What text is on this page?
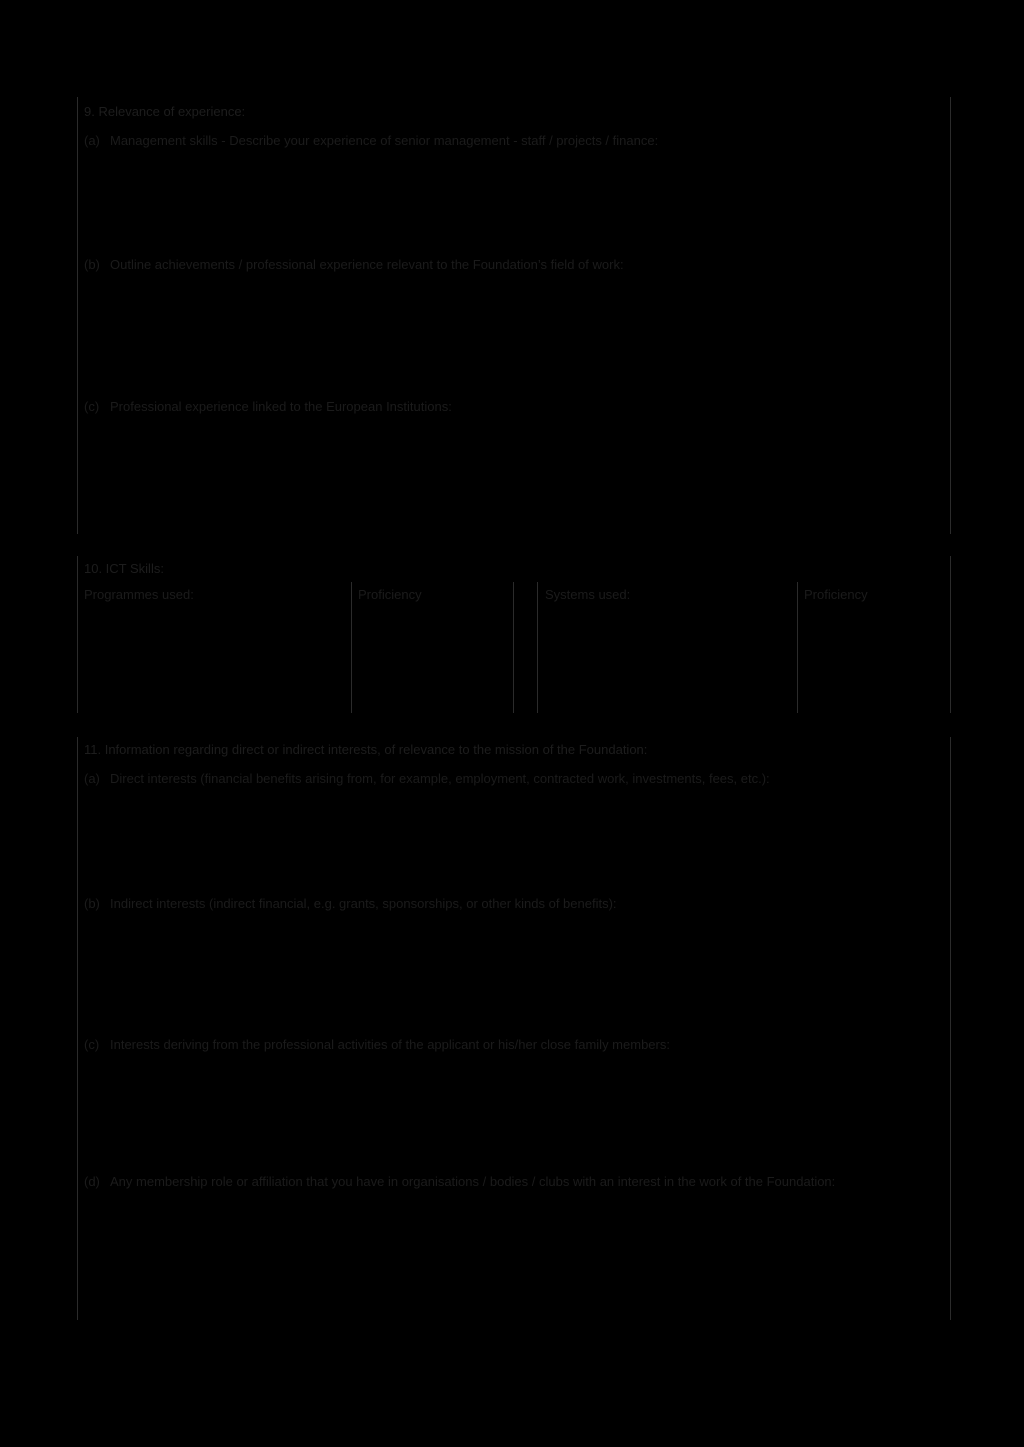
9. Relevance of experience:
(a) Management skills - Describe your experience of senior management - staff / projects / finance:
(b) Outline achievements / professional experience relevant to the Foundation’s field of work:
(c) Professional experience linked to the European Institutions:
10. ICT Skills:
Programmes used:	Proficiency	Systems used:	Proficiency
11. Information regarding direct or indirect interests, of relevance to the mission of the Foundation:
(a) Direct interests (financial benefits arising from, for example, employment, contracted work, investments, fees, etc.):
(b) Indirect interests (indirect financial, e.g. grants, sponsorships, or other kinds of benefits):
(c) Interests deriving from the professional activities of the applicant or his/her close family members:
(d) Any membership role or affiliation that you have in organisations / bodies / clubs with an interest in the work of the Foundation:
